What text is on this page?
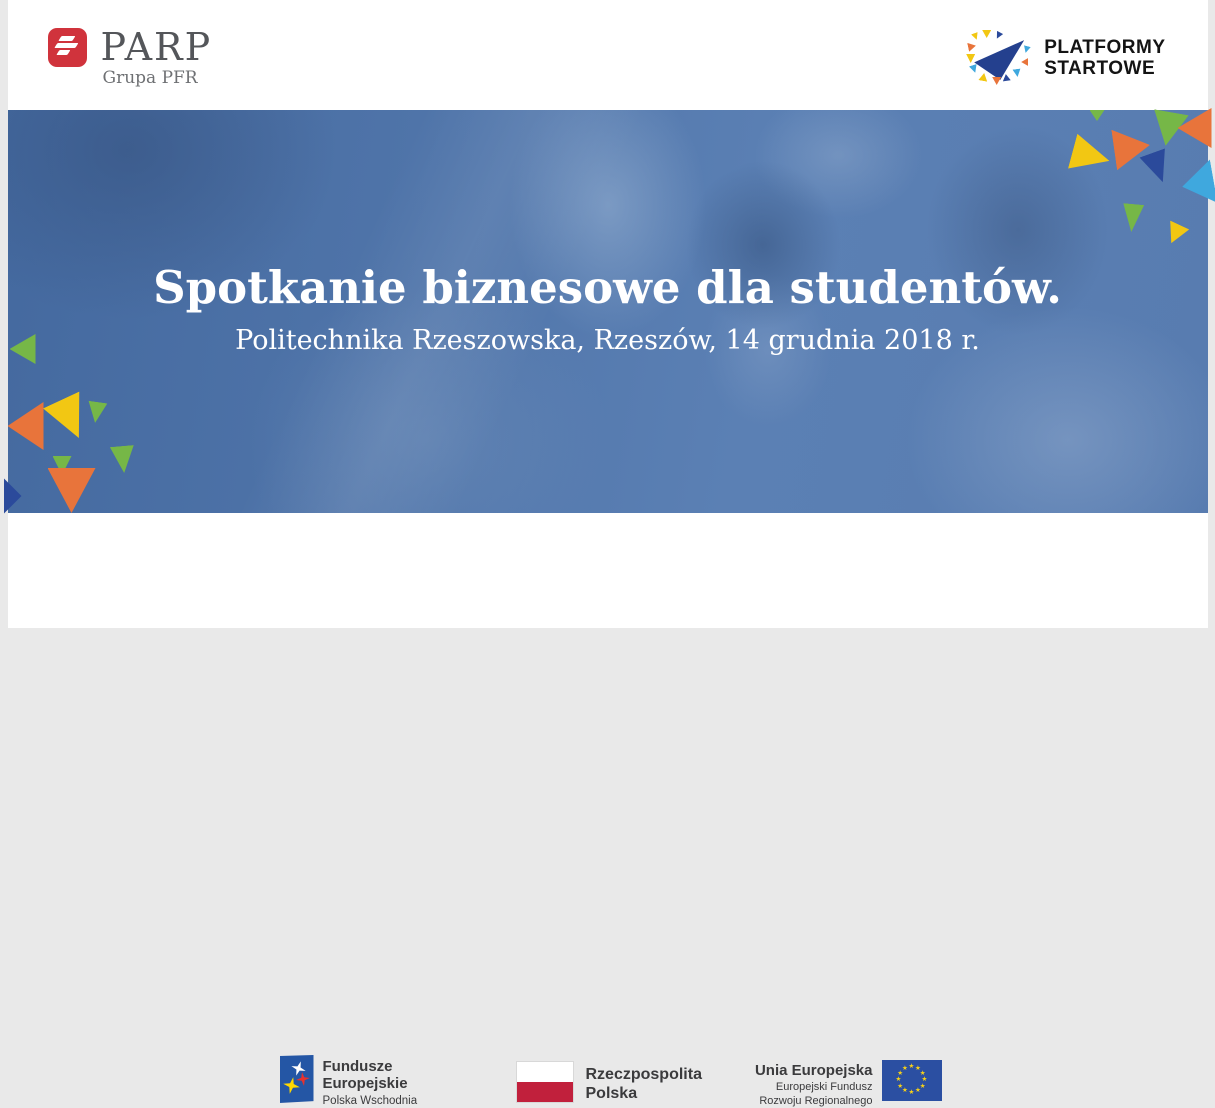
PARP
Grupa PFR
PLATFORMY
STARTOWE
Spotkanie biznesowe dla studentów.
Politechnika Rzeszowska, Rzeszów, 14 grudnia 2018 r.
Fundusze
Europejskie
Polska Wschodnia
Rzeczpospolita
Polska
Unia Europejska
Europejski Fundusz
Rozwoju Regionalnego
★ ★
★
★
★
★
★
★
★
★
★
★
